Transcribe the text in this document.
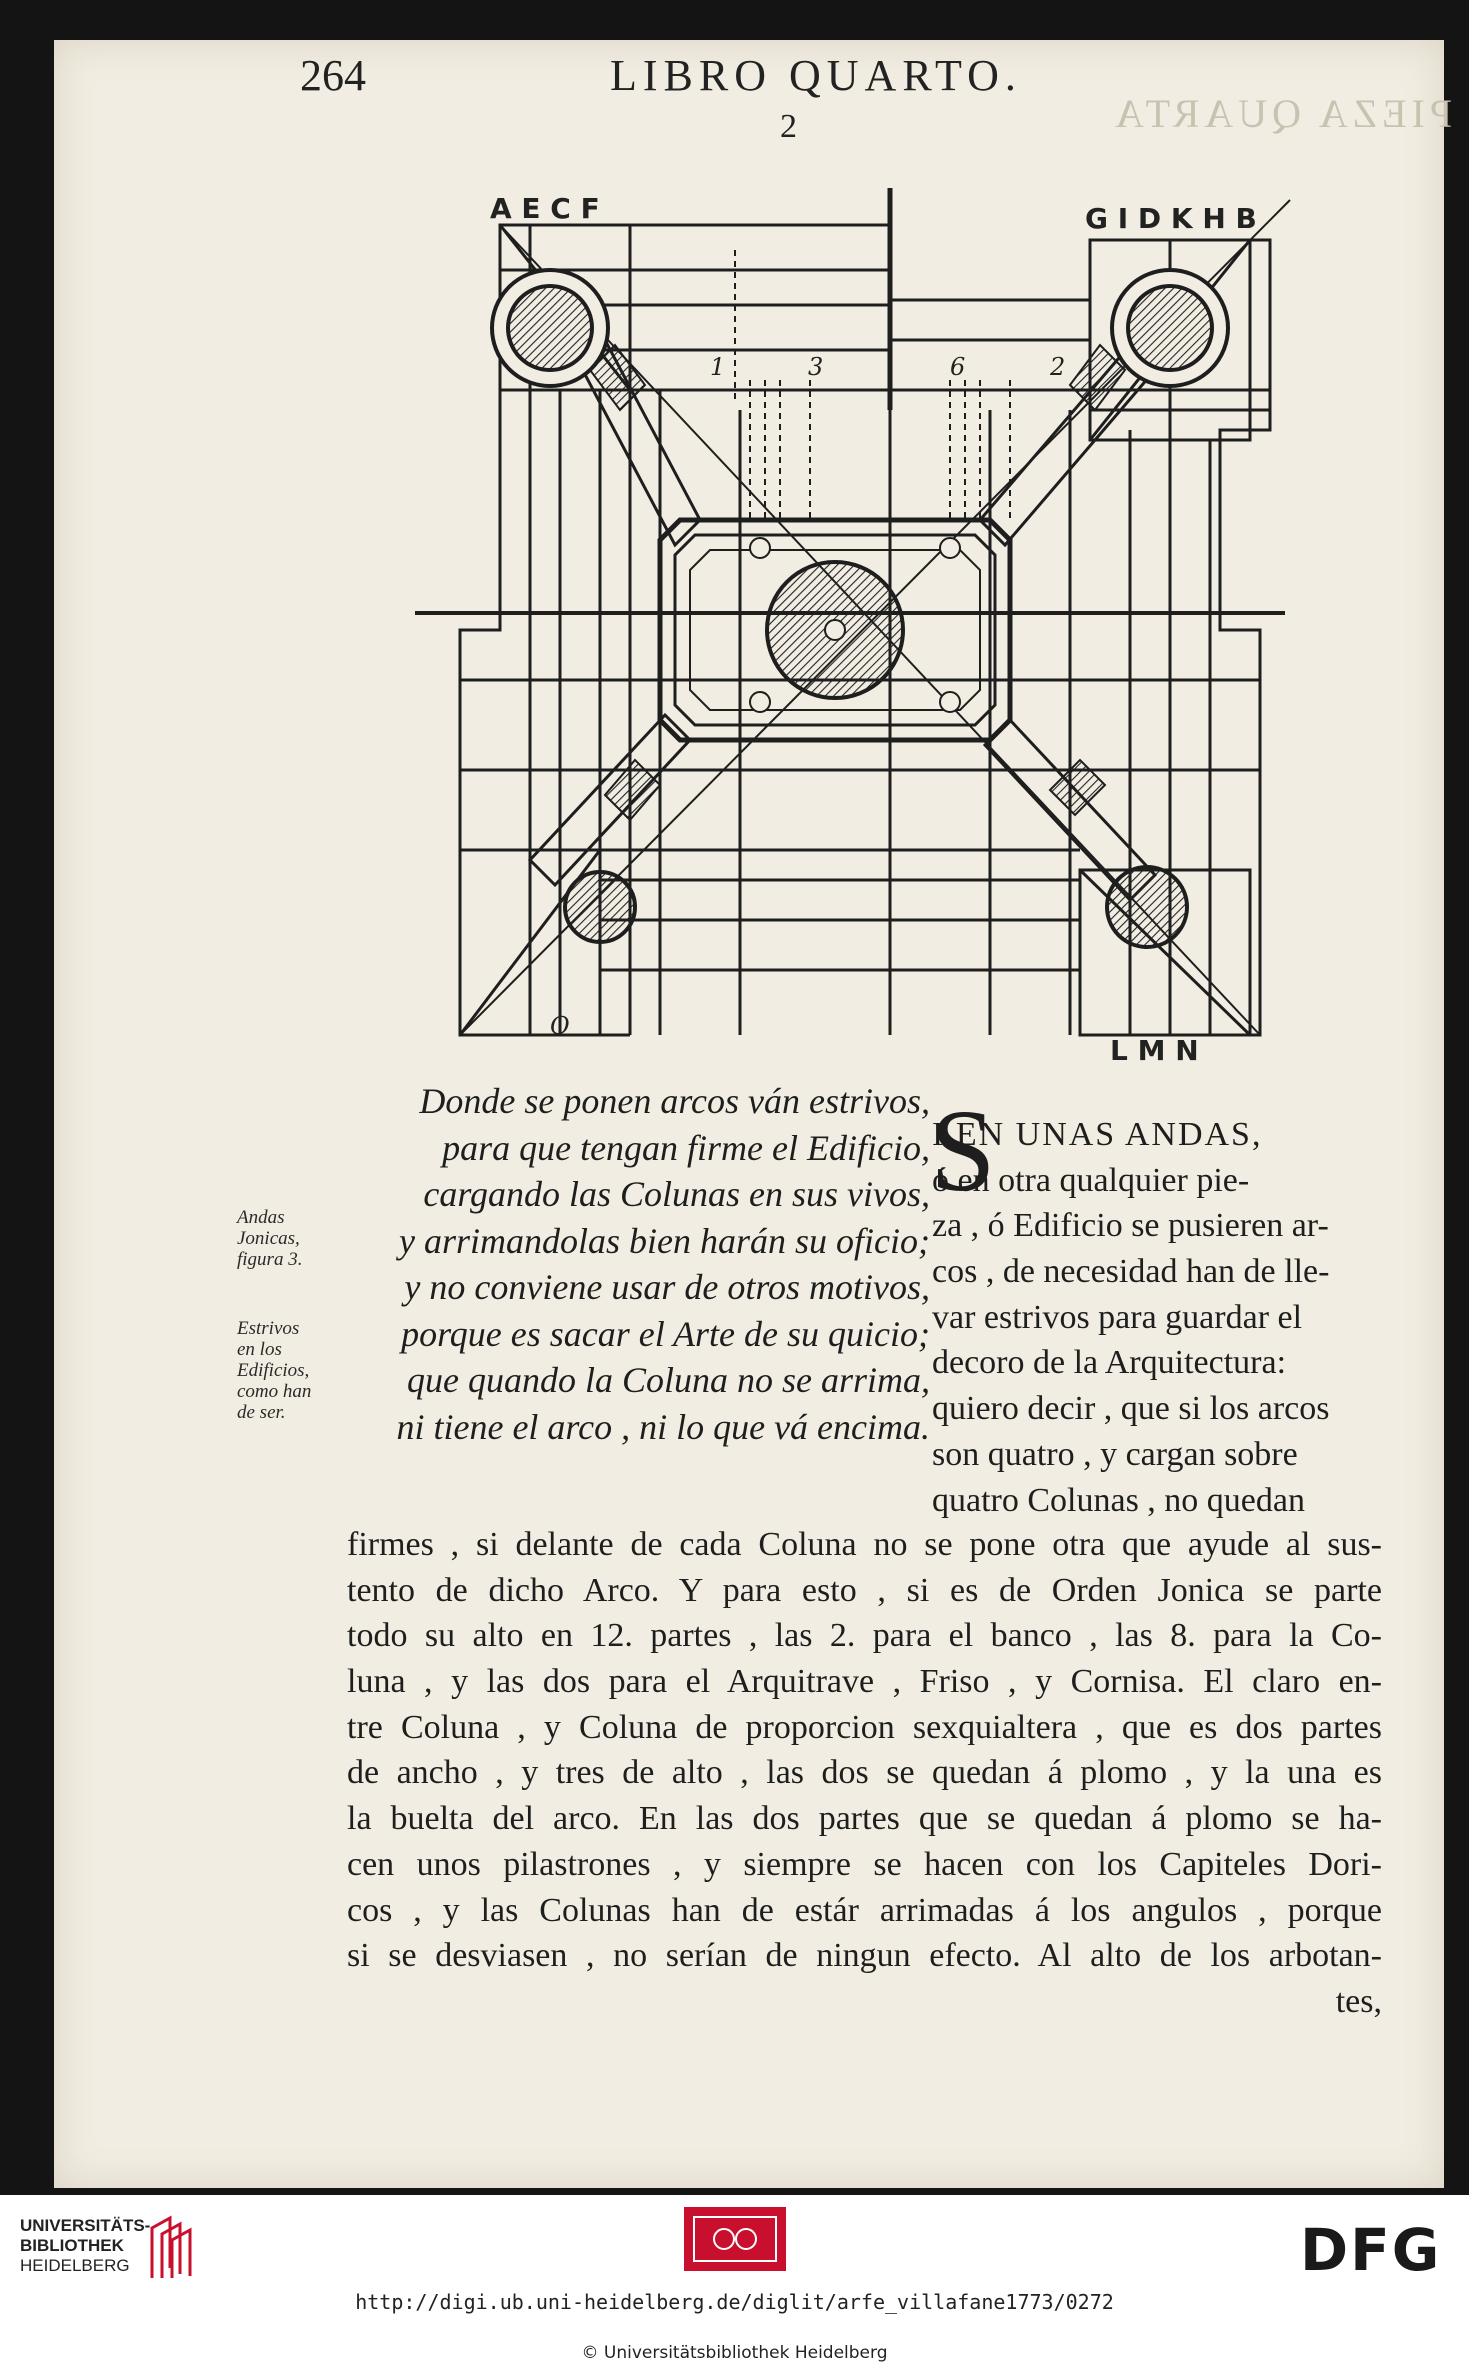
PIEZA QUARTA
264	LIBRO QUARTO.
2
A E C F	G I D K H B
1	3	6	2
O
L M N
Donde se ponen arcos ván estrivos,
para que tengan firme el Edificio,
cargando las Colunas en sus vivos,
y arrimandolas bien harán su oficio;
y no conviene usar de otros motivos,
porque es sacar el Arte de su quicio;
que quando la Coluna no se arrima,
ni tiene el arco , ni lo que vá encima.
Andas
Jonicas,
figura 3.
Estrivos
en los
Edificios,
como han
de ser.
S
I EN UNAS ANDAS,
ó en otra qualquier pie-
za , ó Edificio se pusieren ar-
cos , de necesidad han de lle-
var estrivos para guardar el
decoro de la Arquitectura:
quiero decir , que si los arcos
son quatro , y cargan sobre
quatro Colunas , no quedan
firmes , si delante de cada Coluna no se pone otra que ayude al sus-
tento de dicho Arco. Y para esto , si es de Orden Jonica se parte
todo su alto en 12. partes , las 2. para el banco , las 8. para la Co-
luna , y las dos para el Arquitrave , Friso , y Cornisa. El claro en-
tre Coluna , y Coluna de proporcion sexquialtera , que es dos partes
de ancho , y tres de alto , las dos se quedan á plomo , y la una es
la buelta del arco. En las dos partes que se quedan á plomo se ha-
cen unos pilastrones , y siempre se hacen con los Capiteles Dori-
cos , y las Colunas han de estár arrimadas á los angulos , porque
si se desviasen , no serían de ningun efecto. Al alto de los arbotan-
tes,
UNIVERSITÄTS-
BIBLIOTHEK
HEIDELBERG	DFG
http://digi.ub.uni-heidelberg.de/diglit/arfe_villafane1773/0272
© Universitätsbibliothek Heidelberg
